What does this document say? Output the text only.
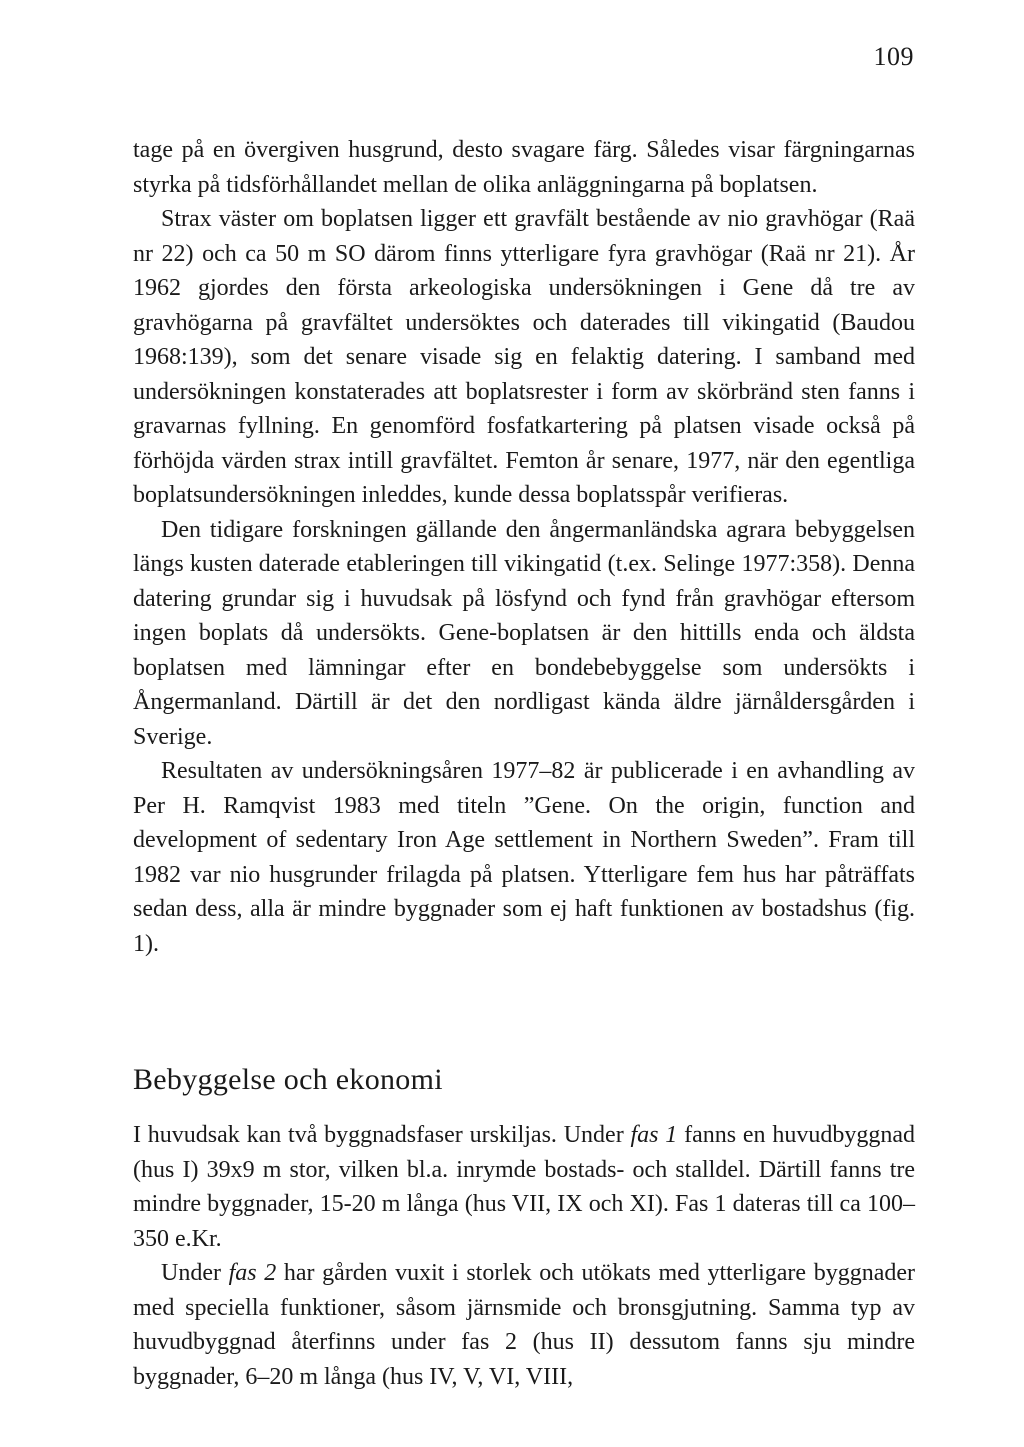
109

tage på en övergiven husgrund, desto svagare färg. Således visar färgningarnas styrka på tidsförhållandet mellan de olika anläggningarna på boplatsen.

Strax väster om boplatsen ligger ett gravfält bestående av nio gravhögar (Raä nr 22) och ca 50 m SO därom finns ytterligare fyra gravhögar (Raä nr 21). År 1962 gjordes den första arkeologiska undersökningen i Gene då tre av gravhögarna på gravfältet undersöktes och daterades till vikingatid (Baudou 1968:139), som det senare visade sig en felaktig datering. I samband med undersökningen konstaterades att boplatsrester i form av skörbränd sten fanns i gravarnas fyllning. En genomförd fosfatkartering på platsen visade också på förhöjda värden strax intill gravfältet. Femton år senare, 1977, när den egentliga boplatsundersökningen inleddes, kunde dessa boplatsspår verifieras.

Den tidigare forskningen gällande den ångermanländska agrara bebyggelsen längs kusten daterade etableringen till vikingatid (t.ex. Selinge 1977:358). Denna datering grundar sig i huvudsak på lösfynd och fynd från gravhögar eftersom ingen boplats då undersökts. Gene-boplatsen är den hittills enda och äldsta boplatsen med lämningar efter en bondebebyggelse som undersökts i Ångermanland. Därtill är det den nordligast kända äldre järnåldersgården i Sverige.

Resultaten av undersökningsåren 1977–82 är publicerade i en avhandling av Per H. Ramqvist 1983 med titeln ”Gene. On the origin, function and development of sedentary Iron Age settlement in Northern Sweden”. Fram till 1982 var nio husgrunder frilagda på platsen. Ytterligare fem hus har påträffats sedan dess, alla är mindre byggnader som ej haft funktionen av bostadshus (fig. 1).

Bebyggelse och ekonomi

I huvudsak kan två byggnadsfaser urskiljas. Under fas 1 fanns en huvudbyggnad (hus I) 39x9 m stor, vilken bl.a. inrymde bostads- och stalldel. Därtill fanns tre mindre byggnader, 15-20 m långa (hus VII, IX och XI). Fas 1 dateras till ca 100–350 e.Kr.

Under fas 2 har gården vuxit i storlek och utökats med ytterligare byggnader med speciella funktioner, såsom järnsmide och bronsgjutning. Samma typ av huvudbyggnad återfinns under fas 2 (hus II) dessutom fanns sju mindre byggnader, 6–20 m långa (hus IV, V, VI, VIII,
